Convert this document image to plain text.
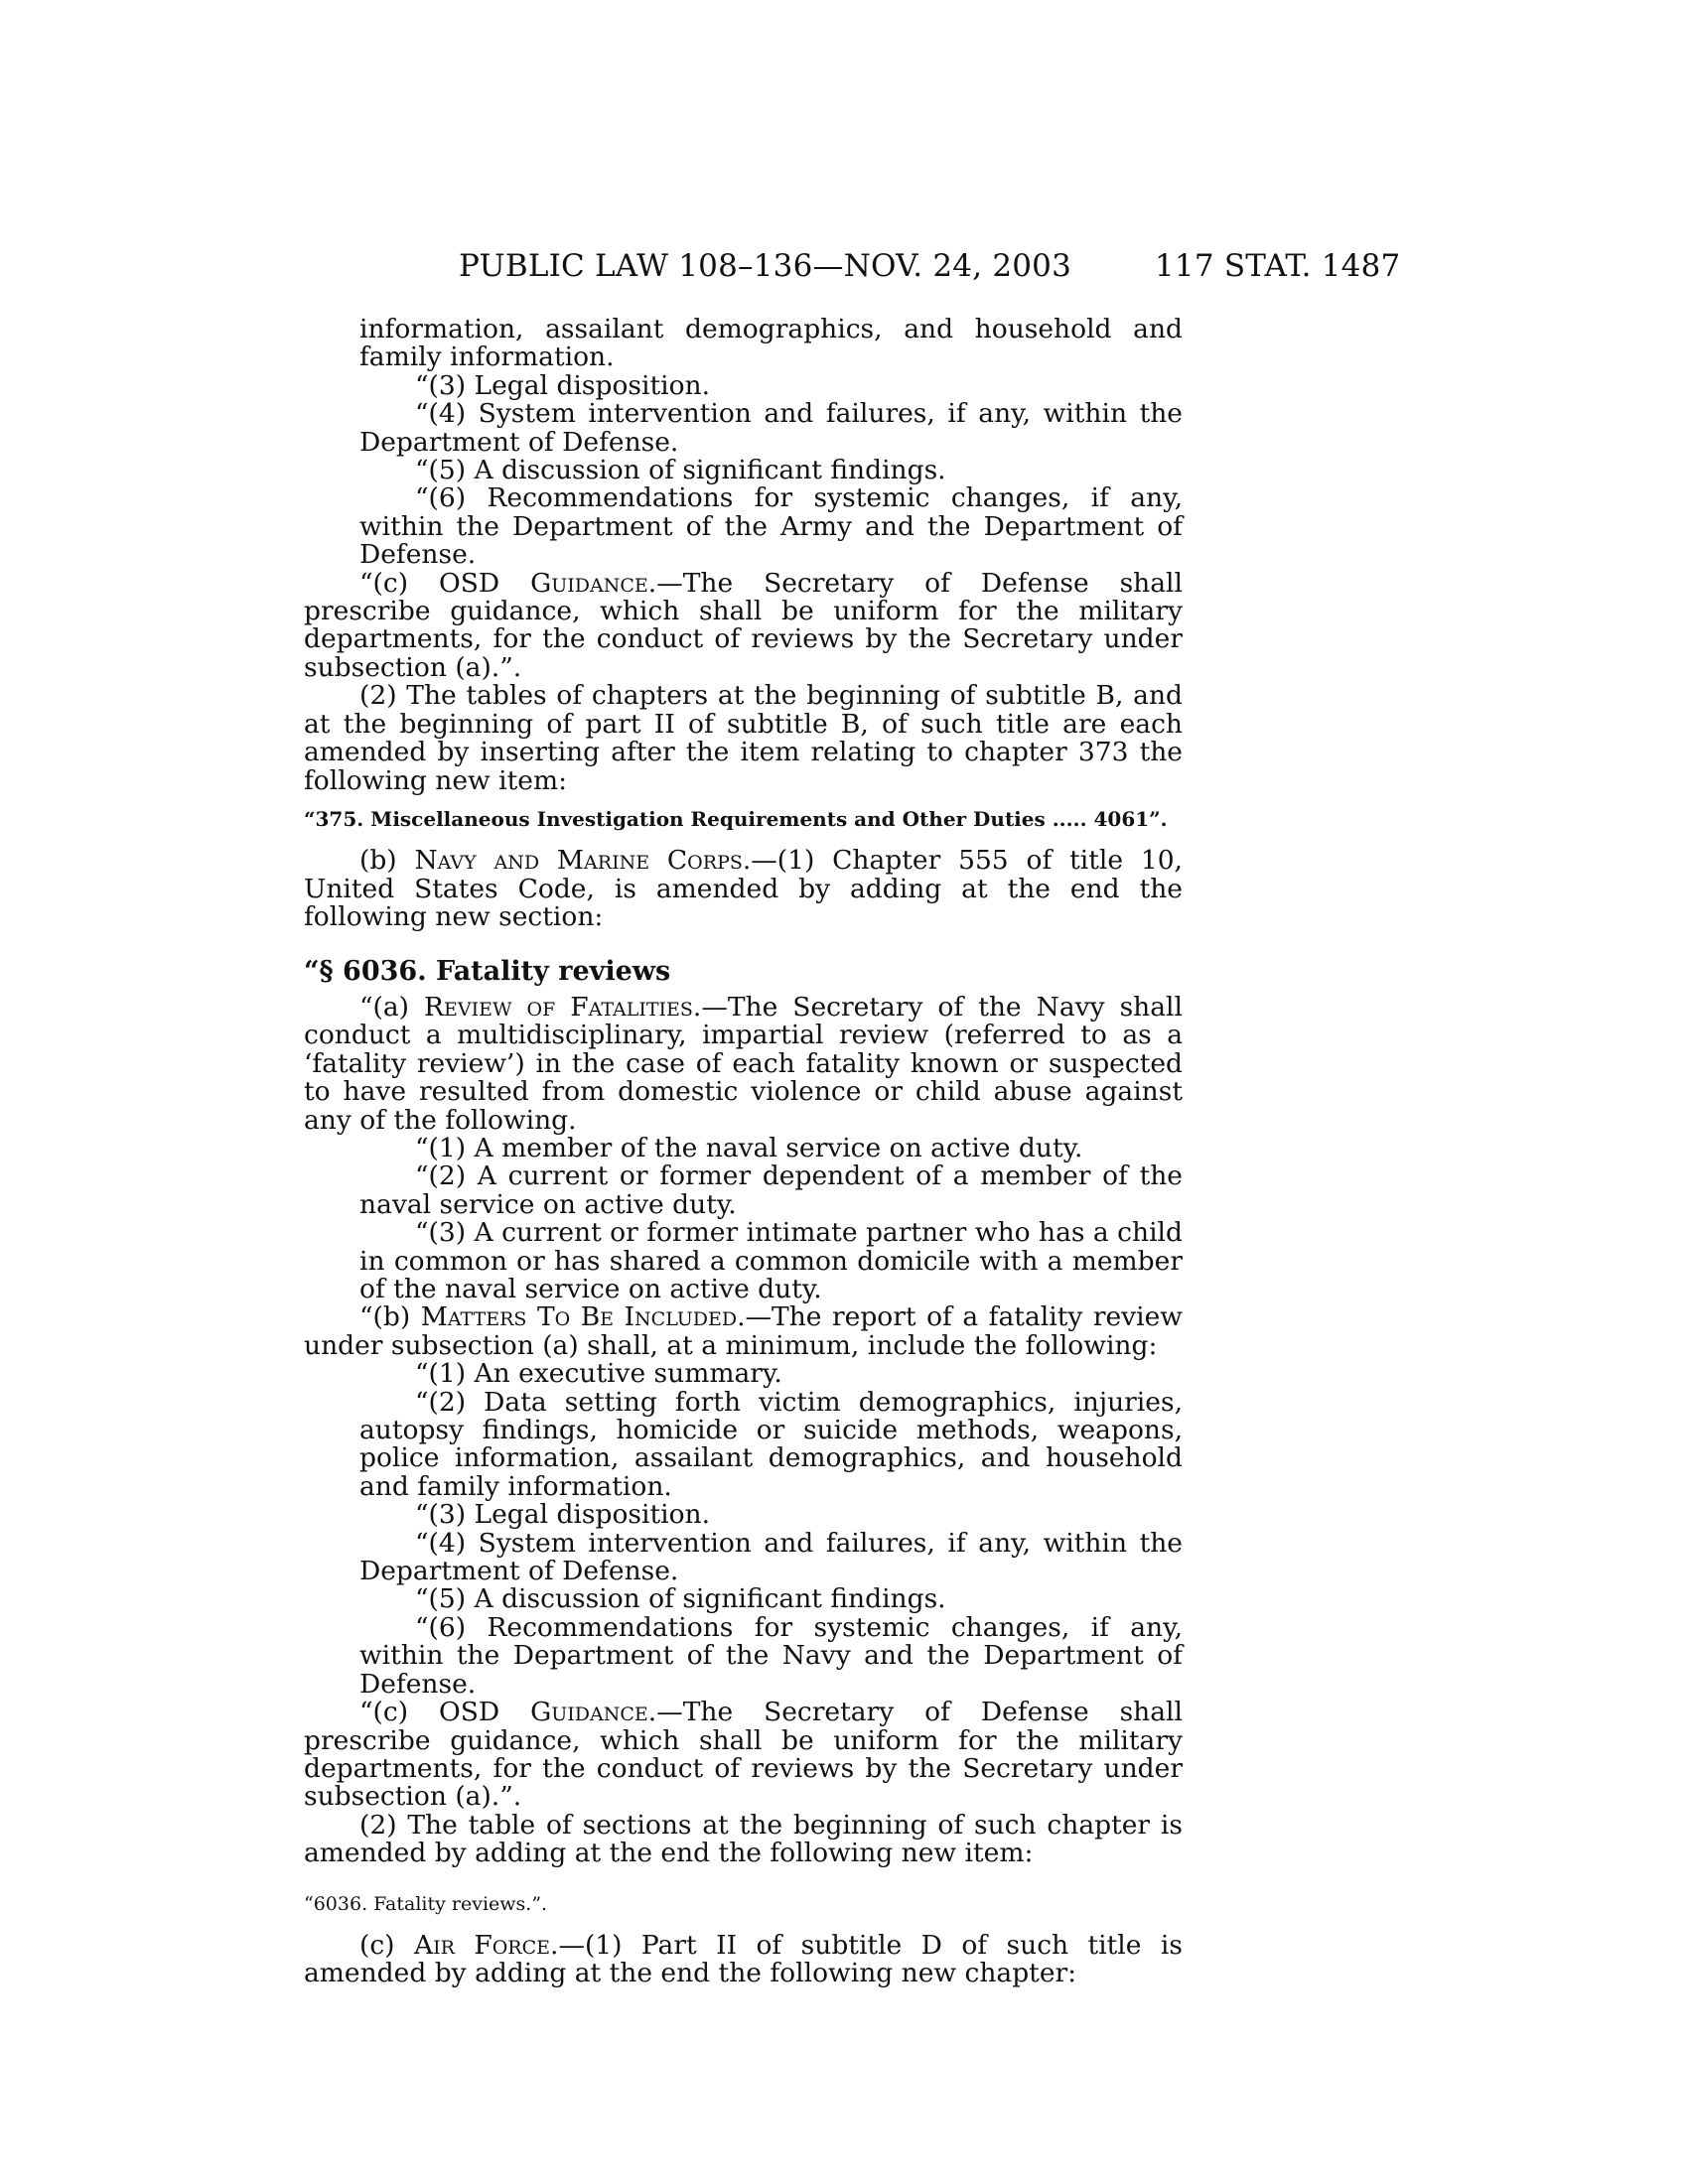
PUBLIC LAW 108–136—NOV. 24, 2003	117 STAT. 1487

information, assailant demographics, and household and family information.

“(3) Legal disposition.

“(4) System intervention and failures, if any, within the Department of Defense.

“(5) A discussion of significant findings.

“(6) Recommendations for systemic changes, if any, within the Department of the Army and the Department of Defense.

“(c) OSD Guidance.—The Secretary of Defense shall prescribe guidance, which shall be uniform for the military departments, for the conduct of reviews by the Secretary under subsection (a).”.

(2) The tables of chapters at the beginning of subtitle B, and at the beginning of part II of subtitle B, of such title are each amended by inserting after the item relating to chapter 373 the following new item:

“375. Miscellaneous Investigation Requirements and Other Duties ..... 4061”.

(b) Navy and Marine Corps.—(1) Chapter 555 of title 10, United States Code, is amended by adding at the end the following new section:

“§ 6036. Fatality reviews

“(a) Review of Fatalities.—The Secretary of the Navy shall conduct a multidisciplinary, impartial review (referred to as a ‘fatality review’) in the case of each fatality known or suspected to have resulted from domestic violence or child abuse against any of the following.

“(1) A member of the naval service on active duty.

“(2) A current or former dependent of a member of the naval service on active duty.

“(3) A current or former intimate partner who has a child in common or has shared a common domicile with a member of the naval service on active duty.

“(b) Matters To Be Included.—The report of a fatality review under subsection (a) shall, at a minimum, include the following:

“(1) An executive summary.

“(2) Data setting forth victim demographics, injuries, autopsy findings, homicide or suicide methods, weapons, police information, assailant demographics, and household and family information.

“(3) Legal disposition.

“(4) System intervention and failures, if any, within the Department of Defense.

“(5) A discussion of significant findings.

“(6) Recommendations for systemic changes, if any, within the Department of the Navy and the Department of Defense.

“(c) OSD Guidance.—The Secretary of Defense shall prescribe guidance, which shall be uniform for the military departments, for the conduct of reviews by the Secretary under subsection (a).”.

(2) The table of sections at the beginning of such chapter is amended by adding at the end the following new item:

“6036. Fatality reviews.”.

(c) Air Force.—(1) Part II of subtitle D of such title is amended by adding at the end the following new chapter:
